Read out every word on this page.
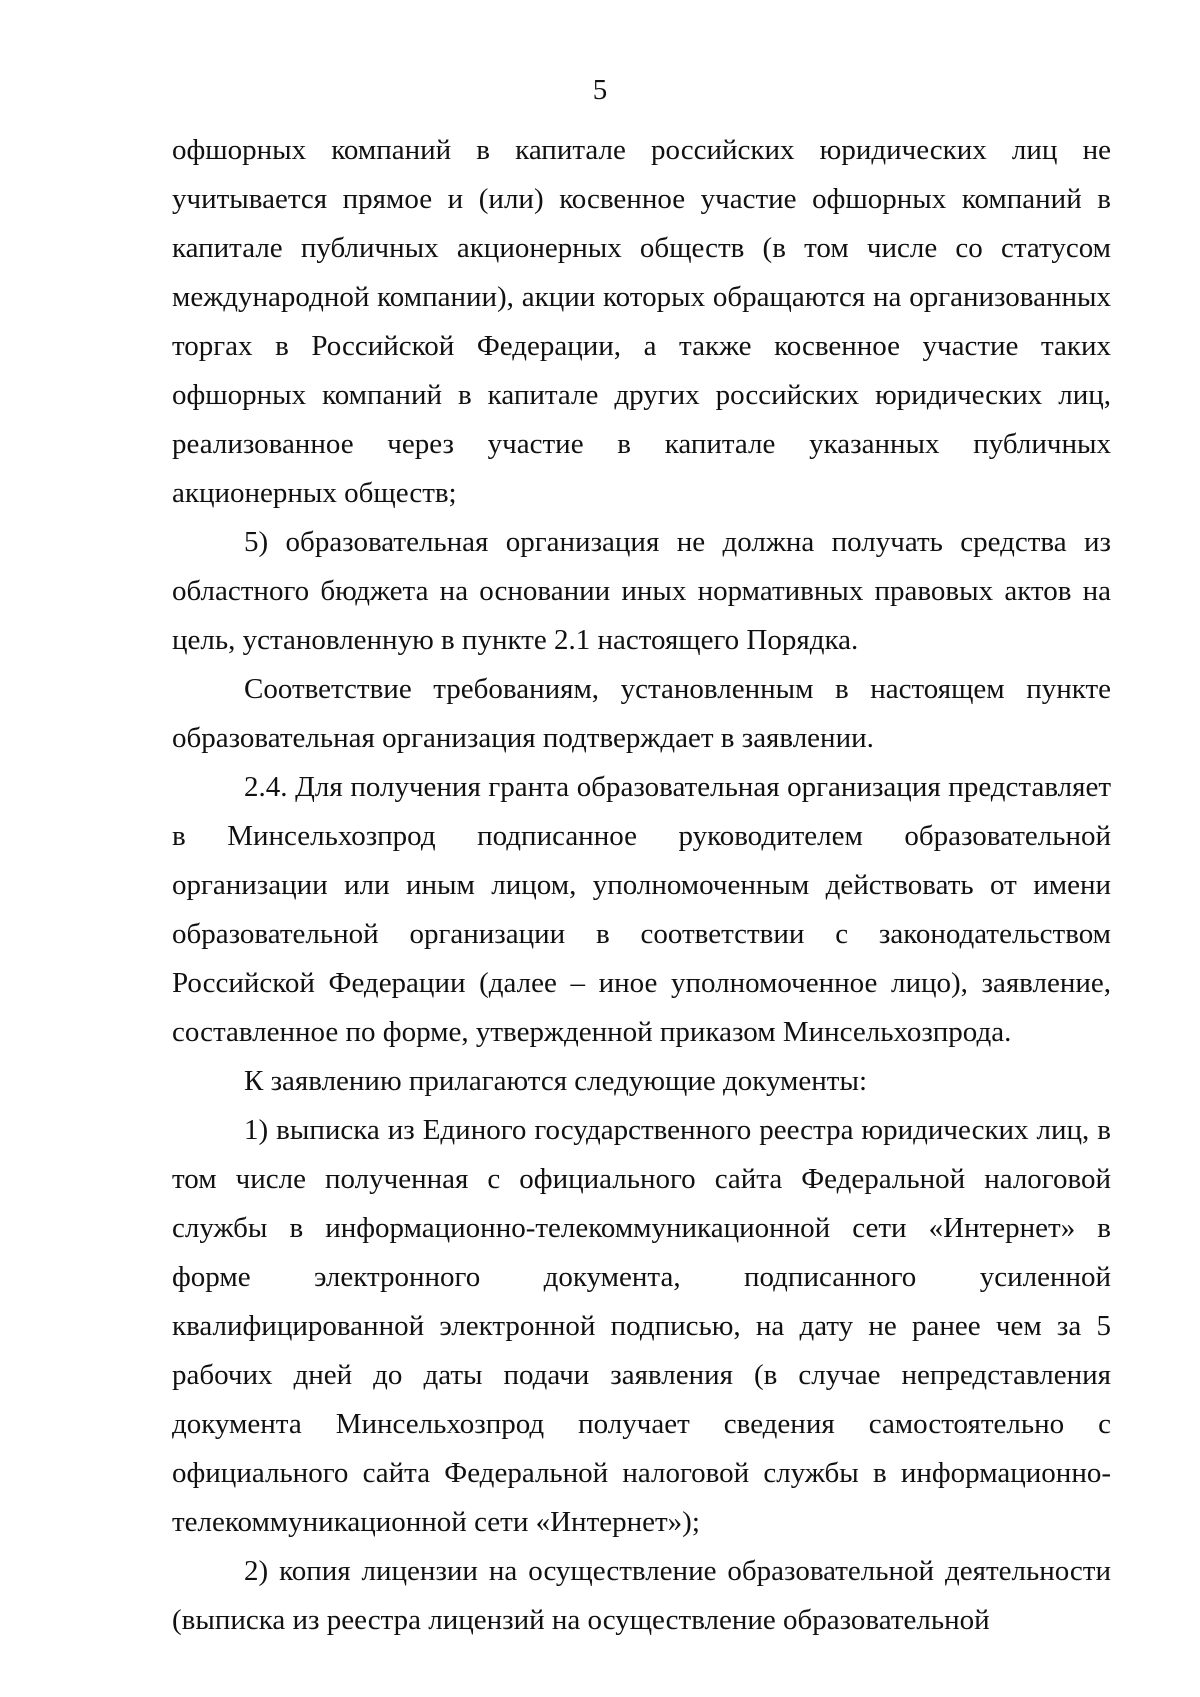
5

офшорных компаний в капитале российских юридических лиц не учитывается прямое и (или) косвенное участие офшорных компаний в капитале публичных акционерных обществ (в том числе со статусом международной компании), акции которых обращаются на организованных торгах в Российской Федерации, а также косвенное участие таких офшорных компаний в капитале других российских юридических лиц, реализованное через участие в капитале указанных публичных акционерных обществ;

5) образовательная организация не должна получать средства из областного бюджета на основании иных нормативных правовых актов на цель, установленную в пункте 2.1 настоящего Порядка.

Соответствие требованиям, установленным в настоящем пункте образовательная организация подтверждает в заявлении.

2.4. Для получения гранта образовательная организация представляет в Минсельхозпрод подписанное руководителем образовательной организации или иным лицом, уполномоченным действовать от имени образовательной организации в соответствии с законодательством Российской Федерации (далее – иное уполномоченное лицо), заявление, составленное по форме, утвержденной приказом Минсельхозпрода.

К заявлению прилагаются следующие документы:

1) выписка из Единого государственного реестра юридических лиц, в том числе полученная с официального сайта Федеральной налоговой службы в информационно-телекоммуникационной сети «Интернет» в форме электронного документа, подписанного усиленной квалифицированной электронной подписью, на дату не ранее чем за 5 рабочих дней до даты подачи заявления (в случае непредставления документа Минсельхозпрод получает сведения самостоятельно с официального сайта Федеральной налоговой службы в информационно-телекоммуникационной сети «Интернет»);

2) копия лицензии на осуществление образовательной деятельности (выписка из реестра лицензий на осуществление образовательной
